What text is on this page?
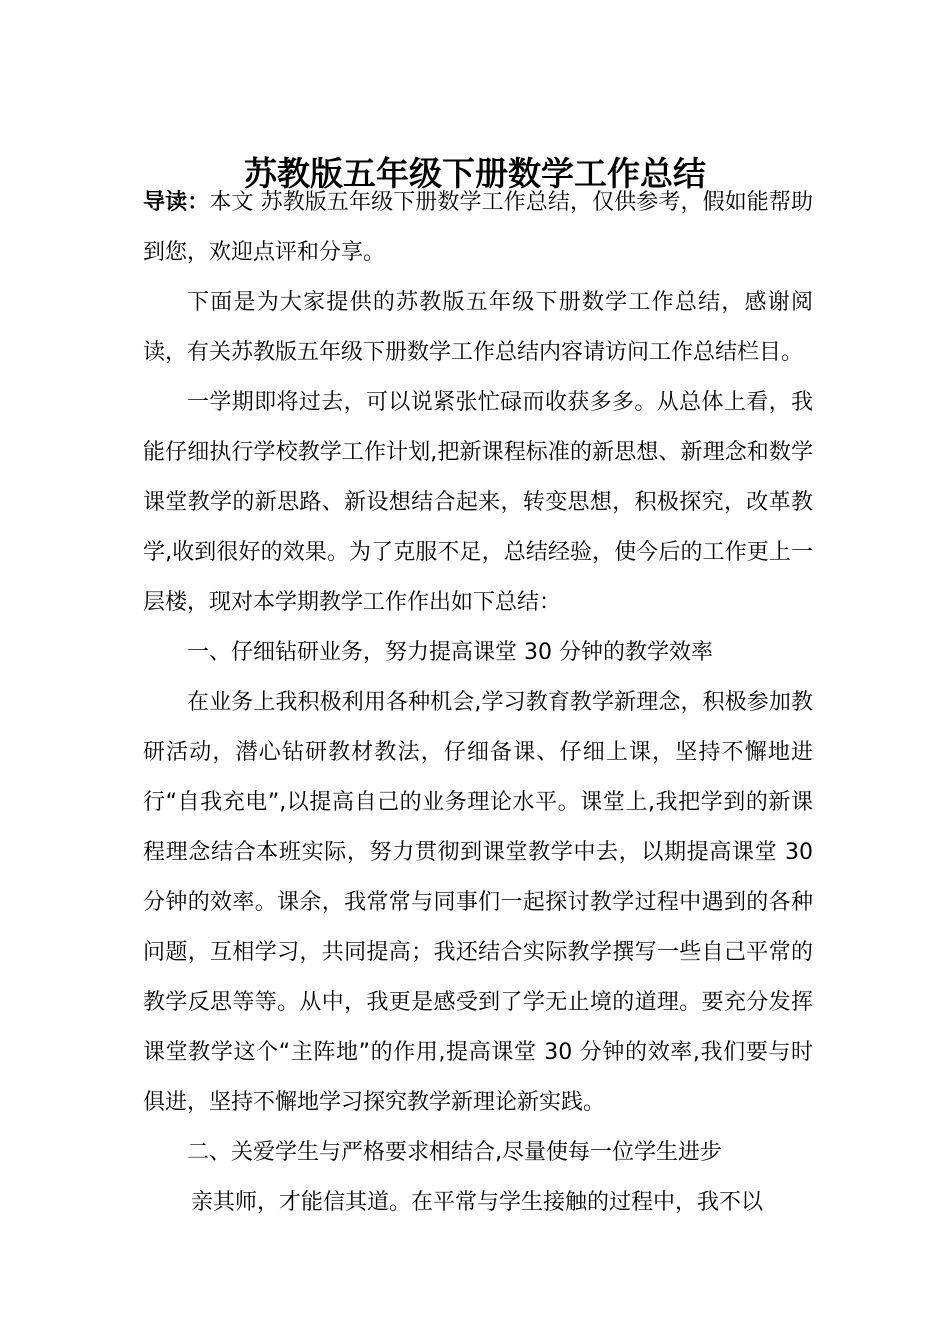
苏教版五年级下册数学工作总结

导读：本文 苏教版五年级下册数学工作总结，仅供参考，假如能帮助到您，欢迎点评和分享。

下面是为大家提供的苏教版五年级下册数学工作总结，感谢阅读，有关苏教版五年级下册数学工作总结内容请访问工作总结栏目。

一学期即将过去，可以说紧张忙碌而收获多多。从总体上看，我能仔细执行学校教学工作计划,把新课程标准的新思想、新理念和数学课堂教学的新思路、新设想结合起来，转变思想，积极探究，改革教学,收到很好的效果。为了克服不足，总结经验，使今后的工作更上一层楼，现对本学期教学工作作出如下总结：

一、仔细钻研业务，努力提高课堂 30 分钟的教学效率

在业务上我积极利用各种机会,学习教育教学新理念，积极参加教研活动，潜心钻研教材教法，仔细备课、仔细上课，坚持不懈地进行“自我充电”,以提高自己的业务理论水平。课堂上,我把学到的新课程理念结合本班实际，努力贯彻到课堂教学中去，以期提高课堂 30 分钟的效率。课余，我常常与同事们一起探讨教学过程中遇到的各种问题，互相学习，共同提高；我还结合实际教学撰写一些自己平常的教学反思等等。从中，我更是感受到了学无止境的道理。要充分发挥课堂教学这个“主阵地”的作用,提高课堂 30 分钟的效率,我们要与时俱进，坚持不懈地学习探究教学新理论新实践。

二、关爱学生与严格要求相结合,尽量使每一位学生进步

亲其师，才能信其道。在平常与学生接触的过程中，我不以
